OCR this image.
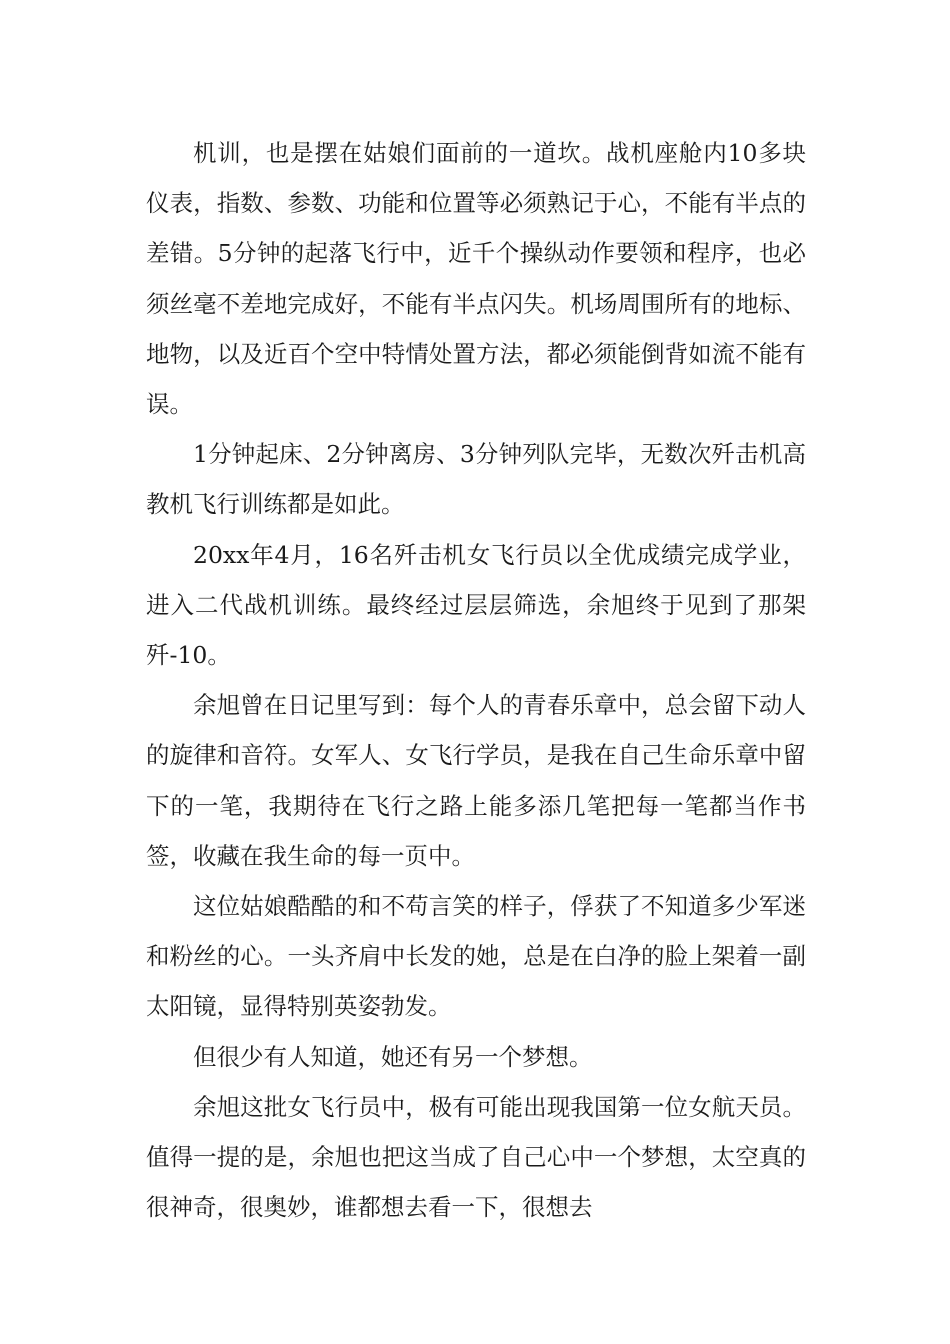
机训，也是摆在姑娘们面前的一道坎。战机座舱内10多块仪表，指数、参数、功能和位置等必须熟记于心，不能有半点的差错。5分钟的起落飞行中，近千个操纵动作要领和程序，也必须丝毫不差地完成好，不能有半点闪失。机场周围所有的地标、地物，以及近百个空中特情处置方法，都必须能倒背如流不能有误。

1分钟起床、2分钟离房、3分钟列队完毕，无数次歼击机高教机飞行训练都是如此。

20xx年4月，16名歼击机女飞行员以全优成绩完成学业，进入二代战机训练。最终经过层层筛选，余旭终于见到了那架歼-10。

余旭曾在日记里写到：每个人的青春乐章中，总会留下动人的旋律和音符。女军人、女飞行学员，是我在自己生命乐章中留下的一笔，我期待在飞行之路上能多添几笔把每一笔都当作书签，收藏在我生命的每一页中。

这位姑娘酷酷的和不苟言笑的样子，俘获了不知道多少军迷和粉丝的心。一头齐肩中长发的她，总是在白净的脸上架着一副太阳镜，显得特别英姿勃发。

但很少有人知道，她还有另一个梦想。

余旭这批女飞行员中，极有可能出现我国第一位女航天员。值得一提的是，余旭也把这当成了自己心中一个梦想，太空真的很神奇，很奥妙，谁都想去看一下，很想去
